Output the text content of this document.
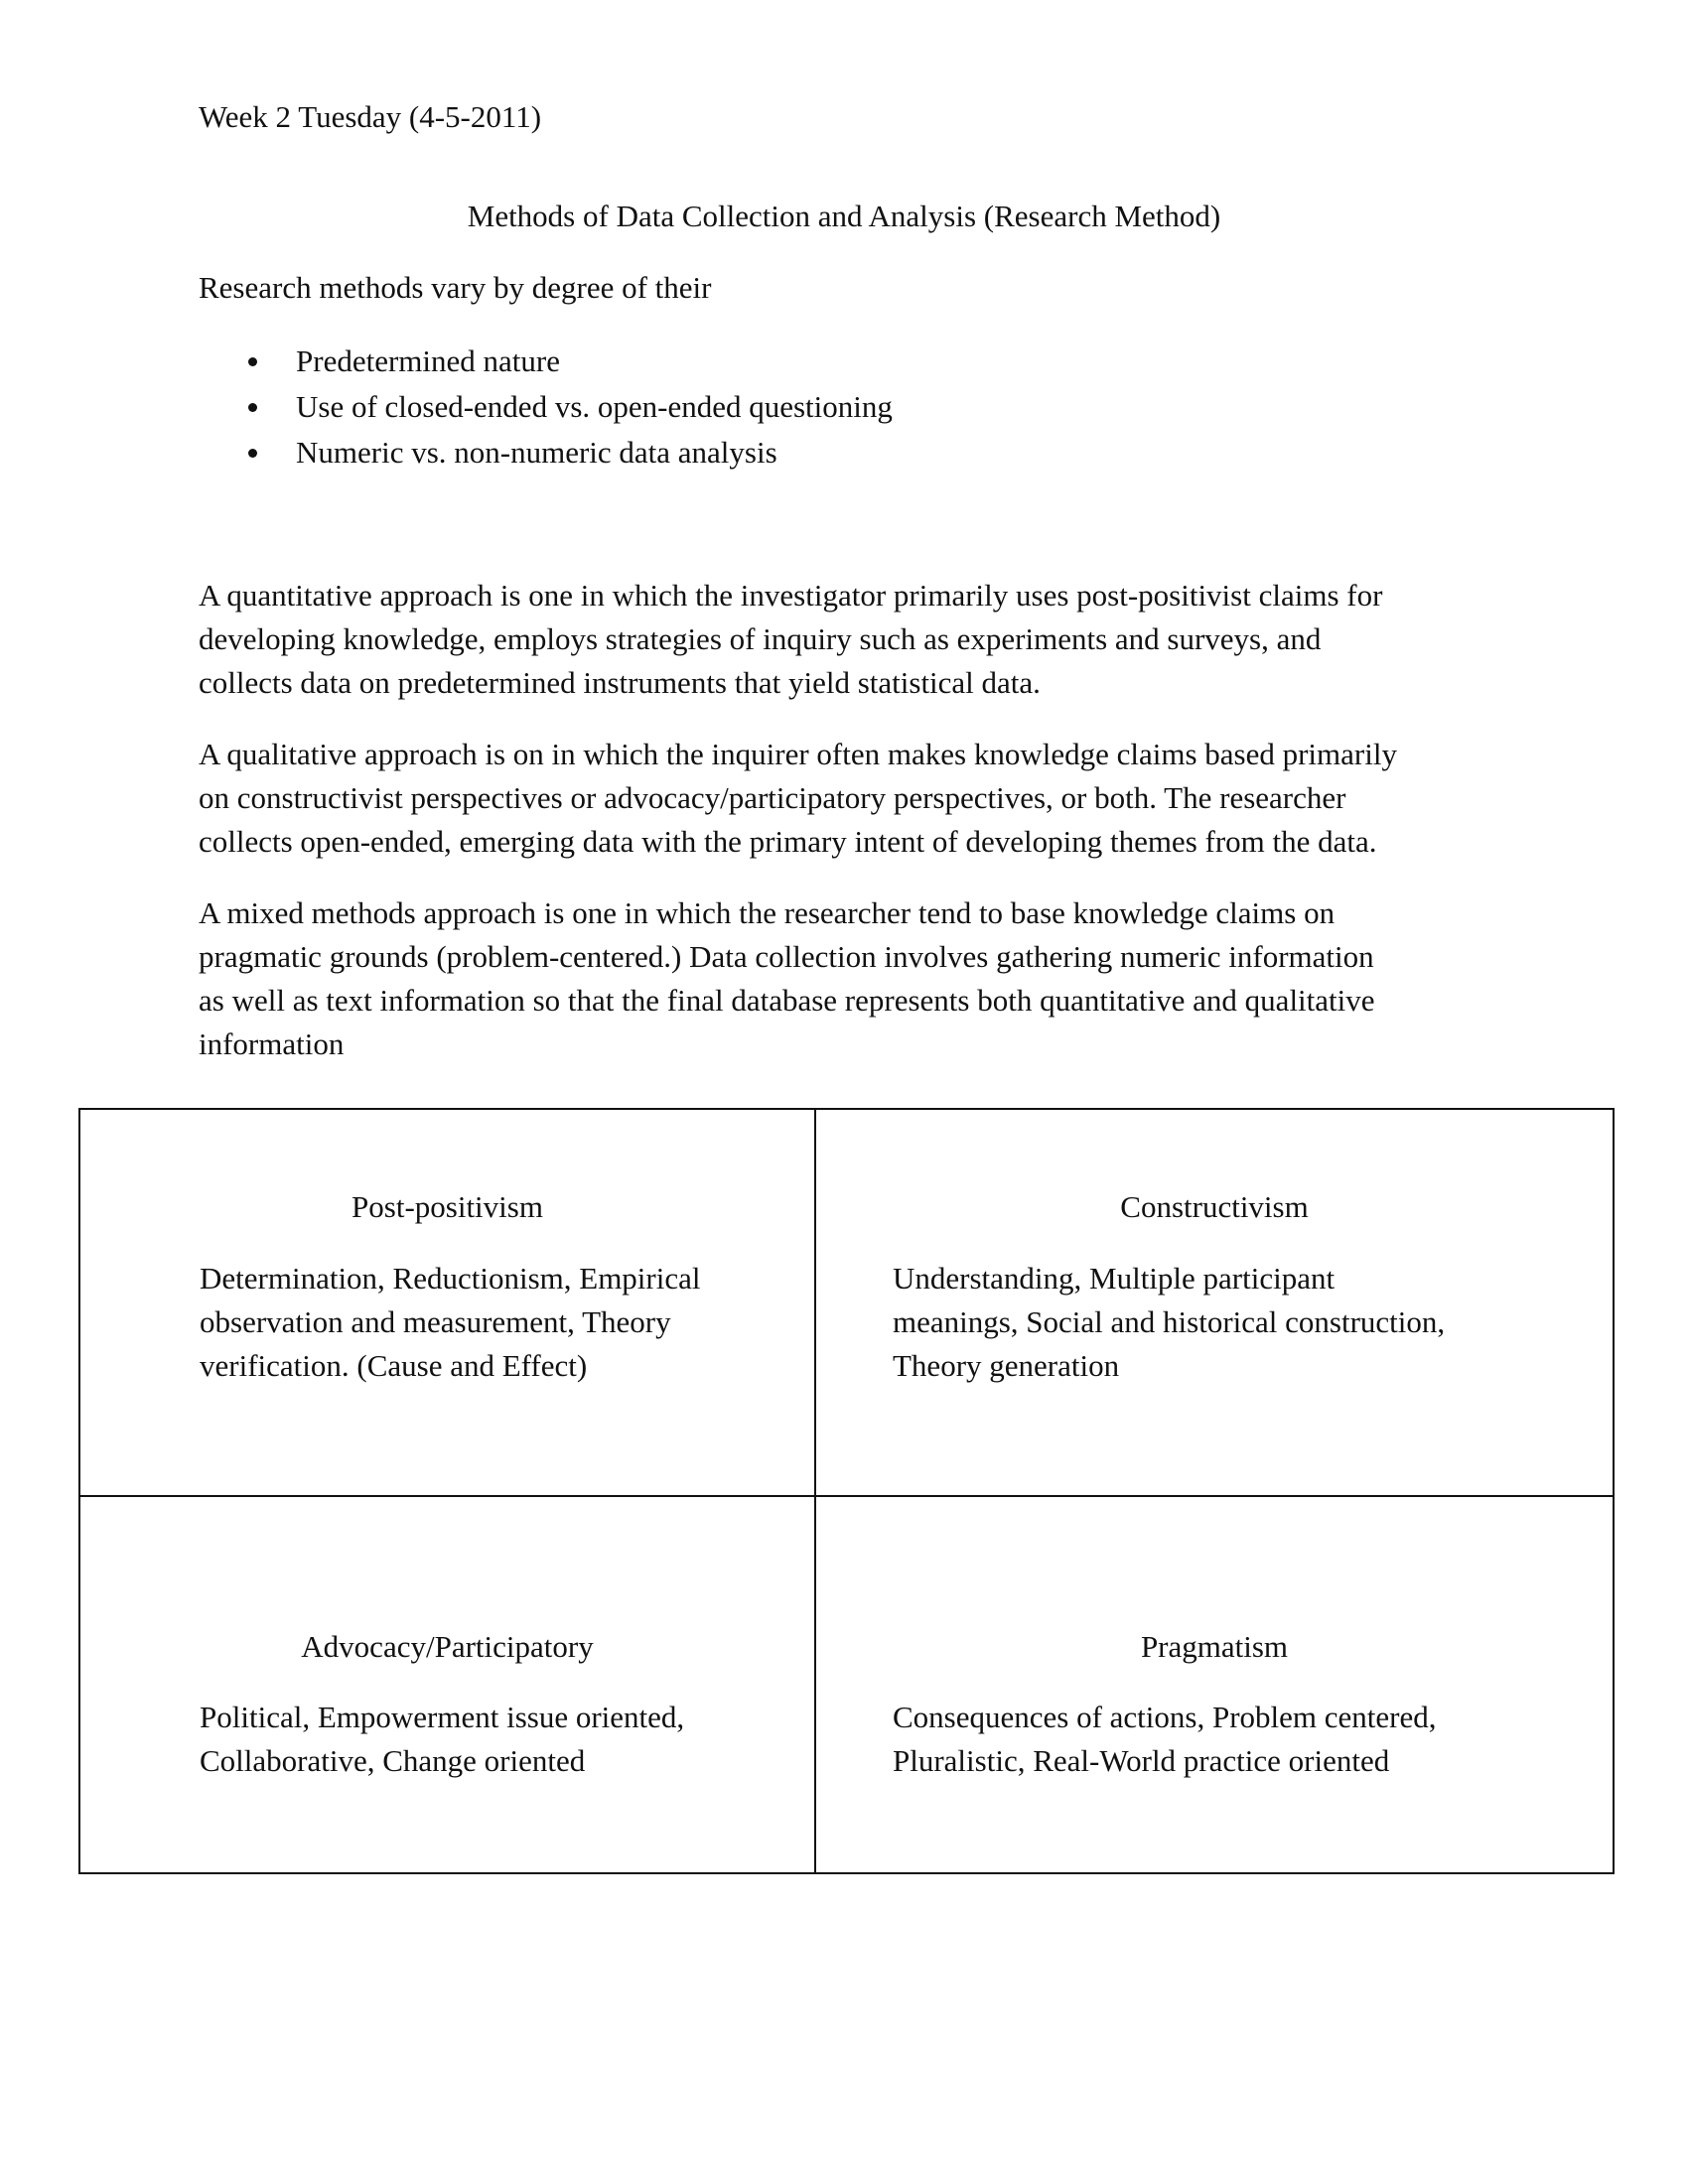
Week 2 Tuesday (4-5-2011)

Methods of Data Collection and Analysis (Research Method)

Research methods vary by degree of their

Predetermined nature
Use of closed-ended vs. open-ended questioning
Numeric vs. non-numeric data analysis

A quantitative approach is one in which the investigator primarily uses post-positivist claims for
developing knowledge, employs strategies of inquiry such as experiments and surveys, and
collects data on predetermined instruments that yield statistical data.

A qualitative approach is on in which the inquirer often makes knowledge claims based primarily
on constructivist perspectives or advocacy/participatory perspectives, or both. The researcher
collects open-ended, emerging data with the primary intent of developing themes from the data.

A mixed methods approach is one in which the researcher tend to base knowledge claims on
pragmatic grounds (problem-centered.) Data collection involves gathering numeric information
as well as text information so that the final database represents both quantitative and qualitative
information

Post-positivism
Determination, Reductionism, Empirical
observation and measurement, Theory
verification. (Cause and Effect)
Constructivism
Understanding, Multiple participant
meanings, Social and historical construction,
Theory generation
Advocacy/Participatory
Political, Empowerment issue oriented,
Collaborative, Change oriented
Pragmatism
Consequences of actions, Problem centered,
Pluralistic, Real-World practice oriented
